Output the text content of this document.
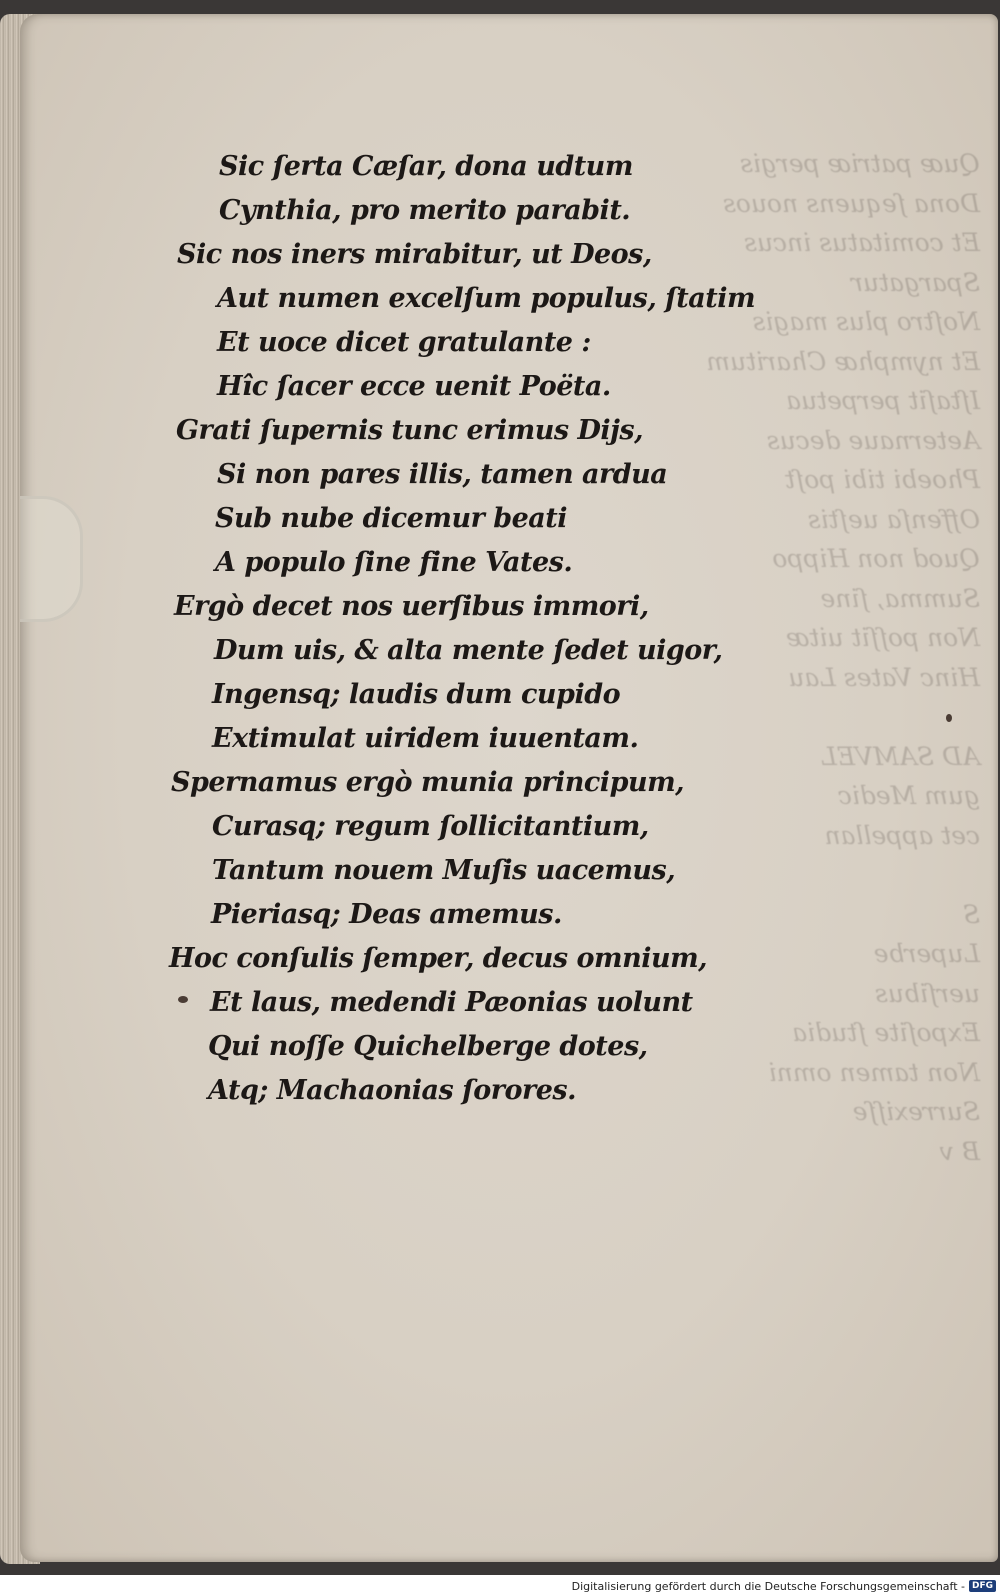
Quæ patriæ pergis
Dona ſequens nouos
Et comitatus incus
Spargatur
Noſtro plus magis
Et nymphæ Charitum
Iſtaſit perpetua
Aeternaue decus
Phoebi tibi poſt
Offenſa ueſtis
Quod non Hippo
Summa, ſine
Non poſſit uitæ
Hinc Vates Lau

AD SAMVEL
gum Medic
cet appellan

S
Luperbe
uerſibus
Expoſite ſtudia
Non tamen omni
Surrexiſſe
B v
Sic ſerta Cæſar, dona udtum
Cynthia, pro merito parabit.
Sic nos iners mirabitur, ut Deos,
Aut numen excelſum populus, ſtatim
Et uoce dicet gratulante :
Hîc ſacer ecce uenit Poëta.
Grati ſupernis tunc erimus Dijs,
Si non pares illis, tamen ardua
Sub nube dicemur beati
A populo ſine fine Vates.
Ergò decet nos uerſibus immori,
Dum uis, & alta mente ſedet uigor,
Ingensq; laudis dum cupido
Extimulat uiridem iuuentam.
Spernamus ergò munia principum,
Curasq; regum ſollicitantium,
Tantum nouem Muſis uacemus,
Pieriasq; Deas amemus.
Hoc conſulis ſemper, decus omnium,
Et laus, medendi Pæonias uolunt
Qui noſſe Quichelberge dotes,
Atq; Machaonias ſorores.
Digitalisierung gefördert durch die Deutsche Forschungsgemeinschaft - DFG
